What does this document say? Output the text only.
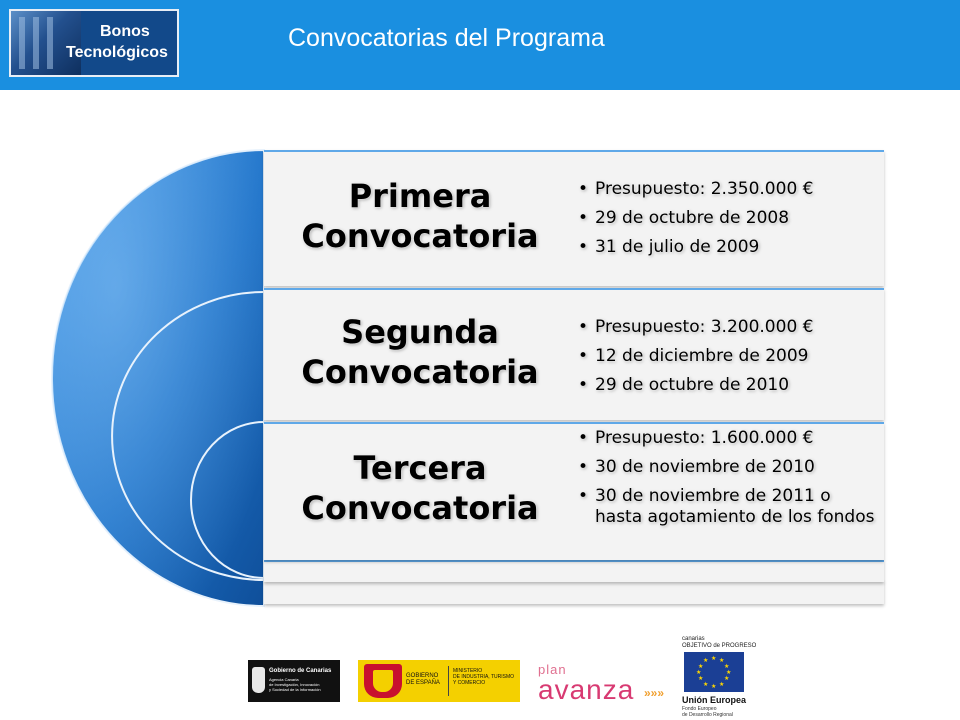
Bonos
Tecnológicos
Convocatorias del Programa
Primera
Convocatoria
• Presupuesto: 2.350.000 €
• 29 de octubre de 2008
• 31 de julio de 2009
Segunda
Convocatoria
• Presupuesto: 3.200.000 €
• 12 de diciembre de 2009
• 29 de octubre de 2010
Tercera
Convocatoria
• Presupuesto: 1.600.000 €
• 30 de noviembre de 2010
• 30 de noviembre de 2011 o hasta agotamiento de los fondos
Gobierno de Canarias
Agencia Canaria
de Investigación, Innovación
y Sociedad de la Información
GOBIERNO
DE ESPAÑA
MINISTERIO
DE INDUSTRIA, TURISMO
Y COMERCIO
plan
avanza »»»
canarias
OBJETIVO de PROGRESO
★ ★
★
★
★
★
★
★
★
★
★
★
Unión Europea
Fondo Europeo
de Desarrollo Regional
